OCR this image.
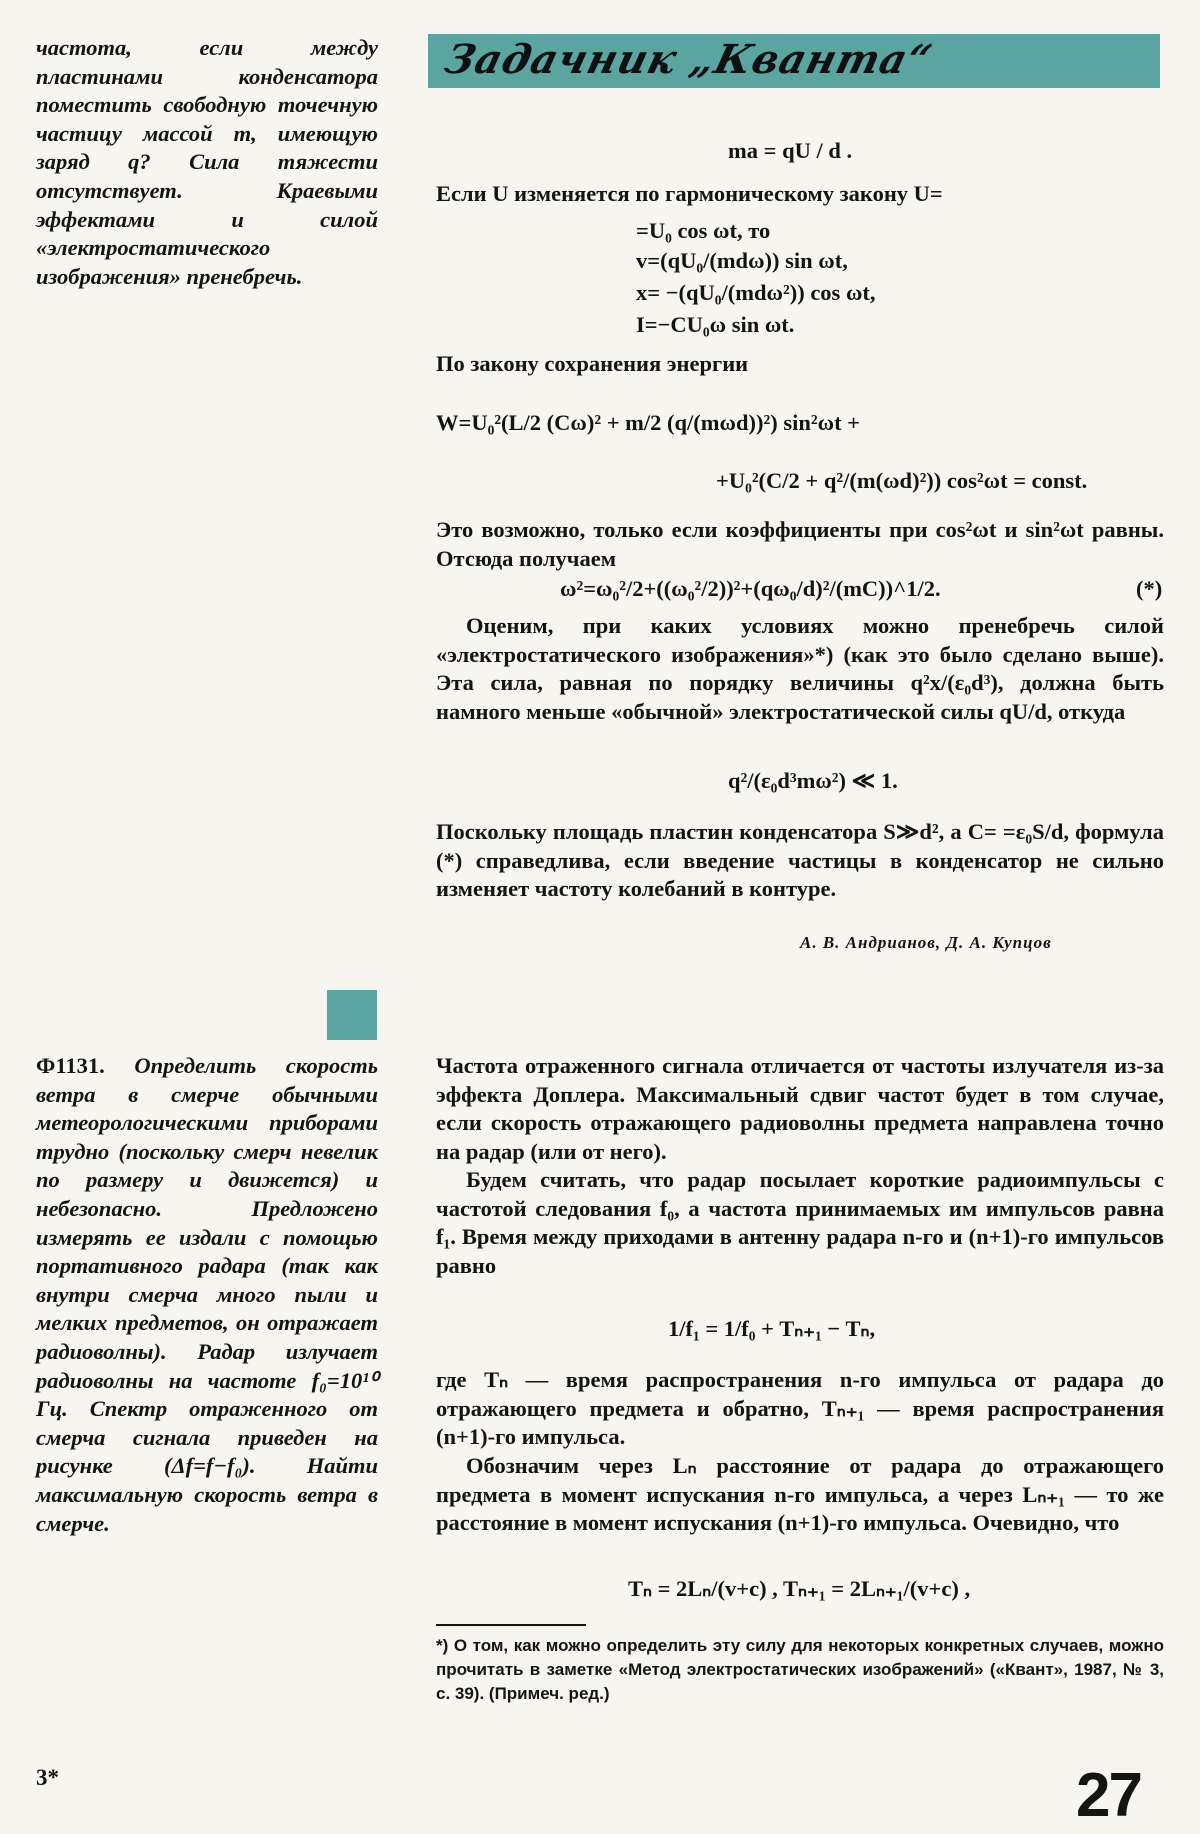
Задачник „Кванта“
частота, если между пластинами конденсатора поместить свободную точечную частицу массой m, имеющую заряд q? Сила тяжести отсутствует. Краевыми эффектами и силой «электростатического изображения» пренебречь.
Ф1131. Определить скорость ветра в смерче обычными метеорологическими приборами трудно (поскольку смерч невелик по размеру и движется) и небезопасно. Предложено измерять ее издали с помощью портативного радара (так как внутри смерча много пыли и мелких предметов, он отражает радиоволны). Радар излучает радиоволны на частоте f₀=10¹⁰ Гц. Спектр отраженного от смерча сигнала приведен на рисунке (Δf=f−f₀). Найти максимальную скорость ветра в смерче.
ma = qU / d .

Если U изменяется по гармоническому закону U=

=U₀ cos ωt, то
v=(qU₀/(mdω)) sin ωt,
x= −(qU₀/(mdω²)) cos ωt,
I=−CU₀ω sin ωt.

По закону сохранения энергии

W=U₀²(L/2 (Cω)² + m/2 (q/(mωd))²) sin²ωt +
+U₀²(C/2 + q²/(m(ωd)²)) cos²ωt = const.

Это возможно, только если коэффициенты при cos²ωt и sin²ωt равны. Отсюда получаем

ω²=ω₀²/2+((ω₀²/2))²+(qω₀/d)²/(mC))^1/2.	(*)

Оценим, при каких условиях можно пренебречь силой «электростатического изображения»*) (как это было сделано выше). Эта сила, равная по порядку величины q²x/(ε₀d³), должна быть намного меньше «обычной» электростатической силы qU/d, откуда

q²/(ε₀d³mω²) ≪ 1.

Поскольку площадь пластин конденсатора S≫d², а C= =ε₀S/d, формула (*) справедлива, если введение частицы в конденсатор не сильно изменяет частоту колебаний в контуре.

А. В. Андрианов, Д. А. Купцов

Частота отраженного сигнала отличается от частоты излучателя из-за эффекта Доплера. Максимальный сдвиг частот будет в том случае, если скорость отражающего радиоволны предмета направлена точно на радар (или от него).

Будем считать, что радар посылает короткие радиоимпульсы с частотой следования f₀, а частота принимаемых им импульсов равна f₁. Время между приходами в антенну радара n-го и (n+1)-го импульсов равно

1/f₁ = 1/f₀ + Tₙ₊₁ − Tₙ,

где Tₙ — время распространения n-го импульса от радара до отражающего предмета и обратно, Tₙ₊₁ — время распространения (n+1)-го импульса.

Обозначим через Lₙ расстояние от радара до отражающего предмета в момент испускания n-го импульса, а через Lₙ₊₁ — то же расстояние в момент испускания (n+1)-го импульса. Очевидно, что

Tₙ = 2Lₙ/(v+c) , Tₙ₊₁ = 2Lₙ₊₁/(v+c) ,
*) О том, как можно определить эту силу для некоторых конкретных случаев, можно прочитать в заметке «Метод электростатических изображений» («Квант», 1987, № 3, с. 39). (Примеч. ред.)
3*	27
